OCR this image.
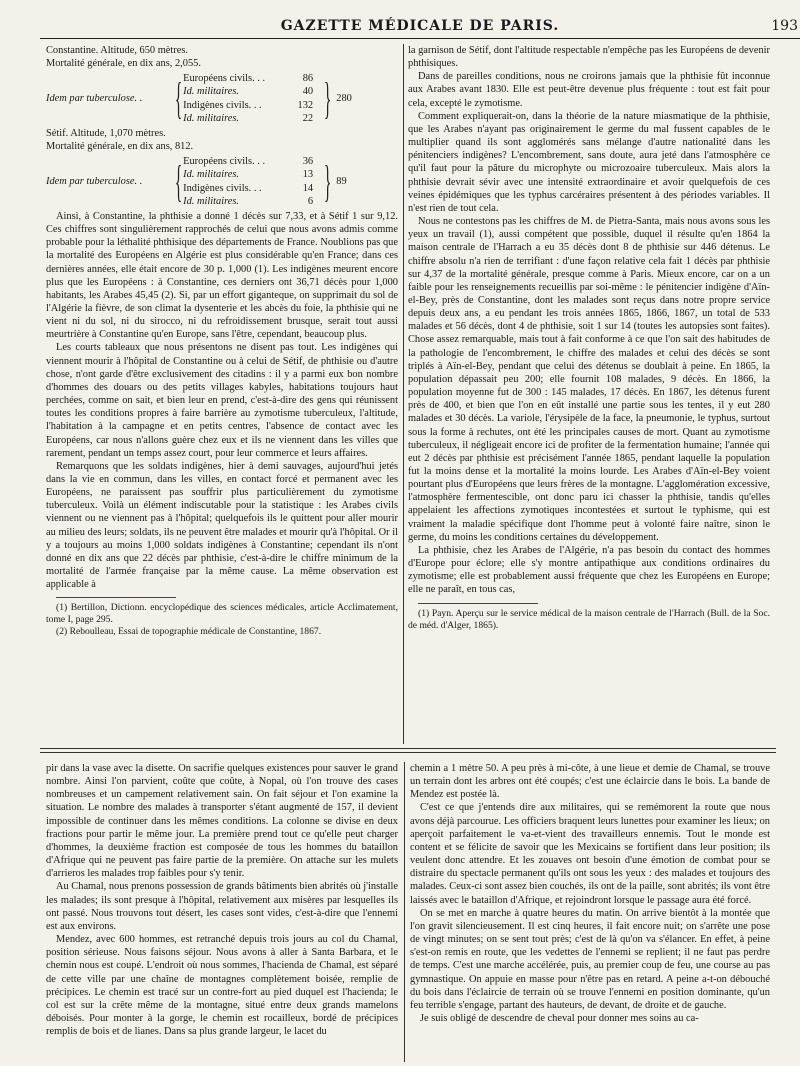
GAZETTE MÉDICALE DE PARIS.	193

Constantine. Altitude, 650 mètres.

Mortalité générale, en dix ans, 2,055.

Idem par tuberculose. . { Européens civils. . .	86
Id. militaires.	40
Indigènes civils. . .	132
Id. militaires.	22 } 280

Sétif. Altitude, 1,070 mètres.

Mortalité générale, en dix ans, 812.

Idem par tuberculose. . { Européens civils. . .	36
Id. militaires.	13
Indigènes civils. . .	14
Id. militaires.	6 } 89

Ainsi, à Constantine, la phthisie a donné 1 décès sur 7,33, et à Sétif 1 sur 9,12. Ces chiffres sont singulièrement rapprochés de celui que nous avons admis comme probable pour la léthalité phthisique des départements de France. Noublions pas que la mortalité des Européens en Algérie est plus considérable qu'en France; dans ces dernières années, elle était encore de 30 p. 1,000 (1). Les indigènes meurent encore plus que les Européens : à Constantine, ces derniers ont 36,71 décès pour 1,000 habitants, les Arabes 45,45 (2). Si, par un effort giganteque, on supprimait du sol de l'Algérie la fièvre, de son climat la dysenterie et les abcès du foie, la phthisie qui ne vient ni du sol, ni du sirocco, ni du refroidissement brusque, serait tout aussi meurtrière à Constantine qu'en Europe, sans l'être, cependant, beaucoup plus.

Les courts tableaux que nous présentons ne disent pas tout. Les indigènes qui viennent mourir à l'hôpital de Constantine ou à celui de Sétif, de phthisie ou d'autre chose, n'ont garde d'être exclusivement des citadins : il y a parmi eux bon nombre d'hommes des douars ou des petits villages kabyles, habitations toujours haut perchées, comme on sait, et bien leur en prend, c'est-à-dire des gens qui réunissent toutes les conditions propres à faire barrière au zymotisme tuberculeux, l'altitude, l'habitation à la campagne et en petits centres, l'absence de contact avec les Européens, car nous n'allons guère chez eux et ils ne viennent dans les villes que rarement, pendant un temps assez court, pour leur commerce et leurs affaires.

Remarquons que les soldats indigènes, hier à demi sauvages, aujourd'hui jetés dans la vie en commun, dans les villes, en contact forcé et permanent avec les Européens, ne paraissent pas souffrir plus particulièrement du zymotisme tuberculeux. Voilà un élément indiscutable pour la statistique : les Arabes civils viennent ou ne viennent pas à l'hôpital; quelquefois ils le quittent pour aller mourir au milieu des leurs; soldats, ils ne peuvent être malades et mourir qu'à l'hôpital. Or il y a toujours au moins 1,000 soldats indigènes à Constantine; cependant ils n'ont donné en dix ans que 22 décès par phthisie, c'est-à-dire le chiffre minimum de la mortalité de l'armée française par la même cause. La même observation est applicable à

(1) Bertillon, Dictionn. encyclopédique des sciences médicales, article Acclimatement, tome I, page 295.

(2) Reboulleau, Essai de topographie médicale de Constantine, 1867.

la garnison de Sétif, dont l'altitude respectable n'empêche pas les Européens de devenir phthisiques.

Dans de pareilles conditions, nous ne croirons jamais que la phthisie fût inconnue aux Arabes avant 1830. Elle est peut-être devenue plus fréquente : tout est fait pour cela, excepté le zymotisme.

Comment expliquerait-on, dans la théorie de la nature miasmatique de la phthisie, que les Arabes n'ayant pas originairement le germe du mal fussent capables de le multiplier quand ils sont agglomérés sans mélange d'autre nationalité dans les pénitenciers indigènes? L'encombrement, sans doute, aura jeté dans l'atmosphère ce qu'il faut pour la pâture du microphyte ou microzoaire tuberculeux. Mais alors la phthisie devrait sévir avec une intensité extraordinaire et avoir quelquefois de ces veines épidémiques que les typhus carcéraires présentent à des périodes variables. Il n'est rien de tout cela.

Nous ne contestons pas les chiffres de M. de Pietra-Santa, mais nous avons sous les yeux un travail (1), aussi compétent que possible, duquel il résulte qu'en 1864 la maison centrale de l'Harrach a eu 35 décès dont 8 de phthisie sur 446 détenus. Le chiffre absolu n'a rien de terrifiant : d'une façon relative cela fait 1 décès par phthisie sur 4,37 de la mortalité générale, presque comme à Paris. Mieux encore, car on a un faible pour les renseignements recueillis par soi-même : le pénitencier indigène d'Aïn-el-Bey, près de Constantine, dont les malades sont reçus dans notre propre service depuis deux ans, a eu pendant les trois années 1865, 1866, 1867, un total de 533 malades et 56 décès, dont 4 de phthisie, soit 1 sur 14 (toutes les autopsies sont faites). Chose assez remarquable, mais tout à fait conforme à ce que l'on sait des habitudes de la pathologie de l'encombrement, le chiffre des malades et celui des décès se sont triplés à Aïn-el-Bey, pendant que celui des détenus se doublait à peine. En 1865, la population dépassait peu 200; elle fournit 108 malades, 9 décès. En 1866, la population moyenne fut de 300 : 145 malades, 17 décès. En 1867, les détenus furent près de 400, et bien que l'on en eût installé une partie sous les tentes, il y eut 280 malades et 30 décès. La variole, l'érysipèle de la face, la pneumonie, le typhus, surtout sous la forme à rechutes, ont été les principales causes de mort. Quant au zymotisme tuberculeux, il négligeait encore ici de profiter de la fermentation humaine; l'année qui eut 2 décès par phthisie est précisément l'année 1865, pendant laquelle la population fut la moins dense et la mortalité la moins lourde. Les Arabes d'Aïn-el-Bey voient pourtant plus d'Européens que leurs frères de la montagne. L'agglomération excessive, l'atmosphère fermentescible, ont donc paru ici chasser la phthisie, tandis qu'elles appelaient les affections zymotiques incontestées et surtout le typhisme, qui est vraiment la maladie spécifique dont l'homme peut à volonté faire naître, sinon le germe, du moins les conditions certaines du développement.

La phthisie, chez les Arabes de l'Algérie, n'a pas besoin du contact des hommes d'Europe pour éclore; elle s'y montre antipathique aux conditions ordinaires du zymotisme; elle est probablement aussi fréquente que chez les Européens en Europe; elle ne paraît, en tous cas,

(1) Payn. Aperçu sur le service médical de la maison centrale de l'Harrach (Bull. de la Soc. de méd. d'Alger, 1865).

pir dans la vase avec la disette. On sacrifie quelques existences pour sauver le grand nombre. Ainsi l'on parvient, coûte que coûte, à Nopal, où l'on trouve des cases nombreuses et un campement relativement sain. On fait séjour et l'on examine la situation. Le nombre des malades à transporter s'étant augmenté de 157, il devient impossible de continuer dans les mêmes conditions. La colonne se divise en deux fractions pour partir le même jour. La première prend tout ce qu'elle peut charger d'hommes, la deuxième fraction est composée de tous les hommes du bataillon d'Afrique qui ne peuvent pas faire partie de la première. On attache sur les mulets d'arrieros les malades trop faibles pour s'y tenir.

Au Chamal, nous prenons possession de grands bâtiments bien abrités où j'installe les malades; ils sont presque à l'hôpital, relativement aux misères par lesquelles ils ont passé. Nous trouvons tout désert, les cases sont vides, c'est-à-dire que l'ennemi est aux environs.

Mendez, avec 600 hommes, est retranché depuis trois jours au col du Chamal, position sérieuse. Nous faisons séjour. Nous avons à aller à Santa Barbara, et le chemin nous est coupé. L'endroit où nous sommes, l'hacienda de Chamal, est séparé de cette ville par une chaîne de montagnes complètement boisée, remplie de précipices. Le chemin est tracé sur un contre-fort au pied duquel est l'hacienda; le col est sur la crête même de la montagne, situé entre deux grands mamelons déboisés. Pour monter à la gorge, le chemin est rocailleux, bordé de précipices remplis de bois et de lianes. Dans sa plus grande largeur, le lacet du

chemin a 1 mètre 50. A peu près à mi-côte, à une lieue et demie de Chamal, se trouve un terrain dont les arbres ont été coupés; c'est une éclaircie dans le bois. La bande de Mendez est postée là.

C'est ce que j'entends dire aux militaires, qui se remémorent la route que nous avons déjà parcourue. Les officiers braquent leurs lunettes pour examiner les lieux; on aperçoit parfaitement le va-et-vient des travailleurs ennemis. Tout le monde est content et se félicite de savoir que les Mexicains se fortifient dans leur position; ils veulent donc attendre. Et les zouaves ont besoin d'une émotion de combat pour se distraire du spectacle permanent qu'ils ont sous les yeux : des malades et toujours des malades. Ceux-ci sont assez bien couchés, ils ont de la paille, sont abrités; ils vont être laissés avec le bataillon d'Afrique, et rejoindront lorsque le passage aura été forcé.

On se met en marche à quatre heures du matin. On arrive bientôt à la montée que l'on gravit silencieusement. Il est cinq heures, il fait encore nuit; on s'arrête une pose de vingt minutes; on se sent tout près; c'est de là qu'on va s'élancer. En effet, à peine s'est-on remis en route, que les vedettes de l'ennemi se replient; il ne faut pas perdre de temps. C'est une marche accélérée, puis, au premier coup de feu, une course au pas gymnastique. On appuie en masse pour n'être pas en retard. A peine a-t-on débouché du bois dans l'éclaircie de terrain où se trouve l'ennemi en position dominante, qu'un feu terrible s'engage, partant des hauteurs, de devant, de droite et de gauche.

Je suis obligé de descendre de cheval pour donner mes soins au ca-
